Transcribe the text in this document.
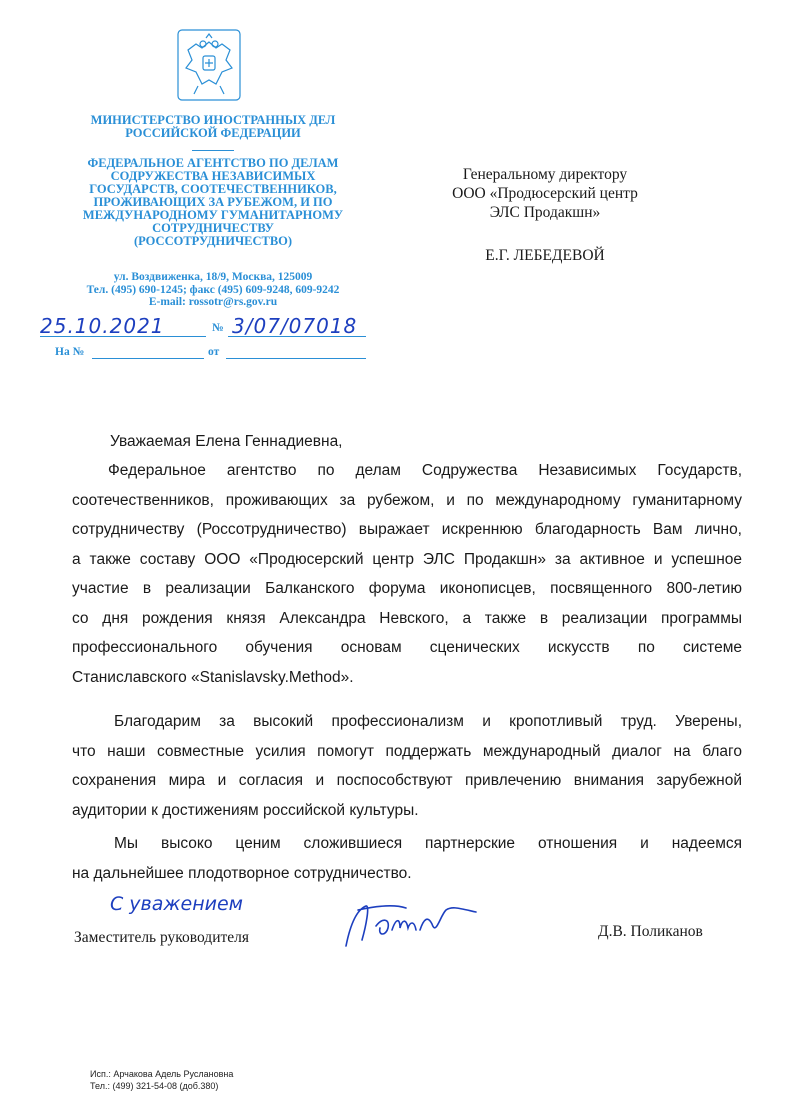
МИНИСТЕРСТВО ИНОСТРАННЫХ ДЕЛ
РОССИЙСКОЙ ФЕДЕРАЦИИ
ФЕДЕРАЛЬНОЕ АГЕНТСТВО ПО ДЕЛАМ
СОДРУЖЕСТВА НЕЗАВИСИМЫХ
ГОСУДАРСТВ, СООТЕЧЕСТВЕННИКОВ,
ПРОЖИВАЮЩИХ ЗА РУБЕЖОМ, И ПО
МЕЖДУНАРОДНОМУ ГУМАНИТАРНОМУ
СОТРУДНИЧЕСТВУ
(РОССОТРУДНИЧЕСТВО)
ул. Воздвиженка, 18/9, Москва, 125009
Тел. (495) 690-1245; факс (495) 609-9248, 609-9242
E-mail: rossotr@rs.gov.ru
25.10.2021	№ 3/07/07018
На №	от
Генеральному директору
ООО «Продюсерский центр
ЭЛС Продакшн»
Е.Г. ЛЕБЕДЕВОЙ
Уважаемая Елена Геннадиевна,
Федеральное агентство по делам Содружества Независимых Государств,
соотечественников, проживающих за рубежом, и по международному гуманитарному
сотрудничеству (Россотрудничество) выражает искреннюю благодарность Вам лично,
а также составу ООО «Продюсерский центр ЭЛС Продакшн» за активное и успешное
участие в реализации Балканского форума иконописцев, посвященного 800-летию
со дня рождения князя Александра Невского, а также в реализации программы
профессионального обучения основам сценических искусств по системе
Станиславского «Stanislavsky.Method».
Благодарим за высокий профессионализм и кропотливый труд. Уверены,
что наши совместные усилия помогут поддержать международный диалог на благо
сохранения мира и согласия и поспособствуют привлечению внимания зарубежной
аудитории к достижениям российской культуры.
Мы высоко ценим сложившиеся партнерские отношения и надеемся
на дальнейшее плодотворное сотрудничество.
С уважением
Заместитель руководителя	Д.В. Поликанов
Исп.: Арчакова Адель Руслановна
Тел.: (499) 321-54-08 (доб.380)
